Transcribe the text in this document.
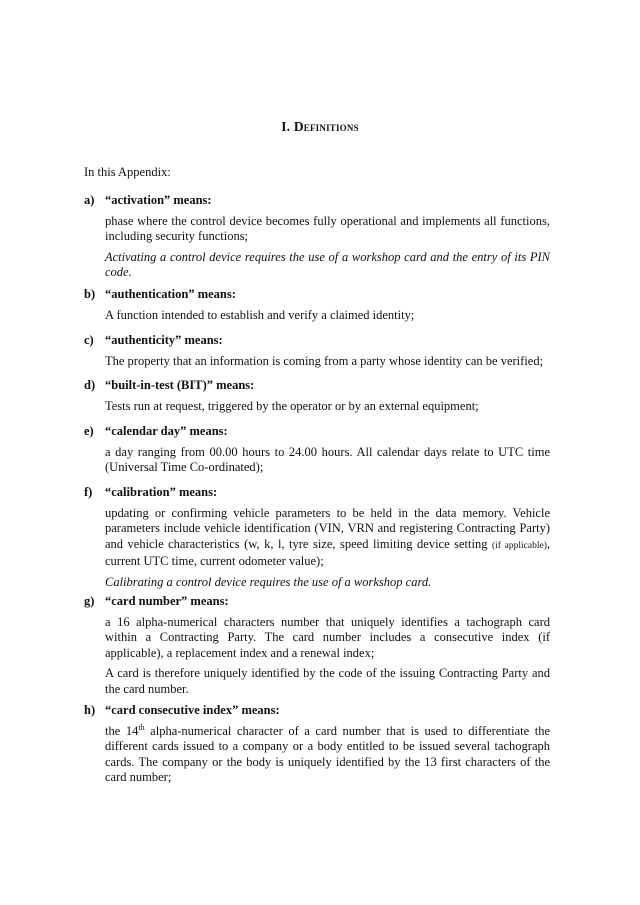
I. Definitions
In this Appendix:
a) “activation” means:
phase where the control device becomes fully operational and implements all functions, including security functions;
Activating a control device requires the use of a workshop card and the entry of its PIN code.
b) “authentication” means:
A function intended to establish and verify a claimed identity;
c) “authenticity” means:
The property that an information is coming from a party whose identity can be verified;
d) “built-in-test (BIT)” means:
Tests run at request, triggered by the operator or by an external equipment;
e) “calendar day” means:
a day ranging from 00.00 hours to 24.00 hours. All calendar days relate to UTC time (Universal Time Co-ordinated);
f)	“calibration” means:
updating or confirming vehicle parameters to be held in the data memory. Vehicle parameters include vehicle identification (VIN, VRN and registering Contracting Party) and vehicle characteristics (w, k, l, tyre size, speed limiting device setting (if applicable), current UTC time, current odometer value);
Calibrating a control device requires the use of a workshop card.
g) “card number” means:
a 16 alpha-numerical characters number that uniquely identifies a tachograph card within a Contracting Party. The card number includes a consecutive index (if applicable), a replacement index and a renewal index;
A card is therefore uniquely identified by the code of the issuing Contracting Party and the card number.
h) “card consecutive index” means:
the 14th alpha-numerical character of a card number that is used to differentiate the different cards issued to a company or a body entitled to be issued several tachograph cards. The company or the body is uniquely identified by the 13 first characters of the card number;
